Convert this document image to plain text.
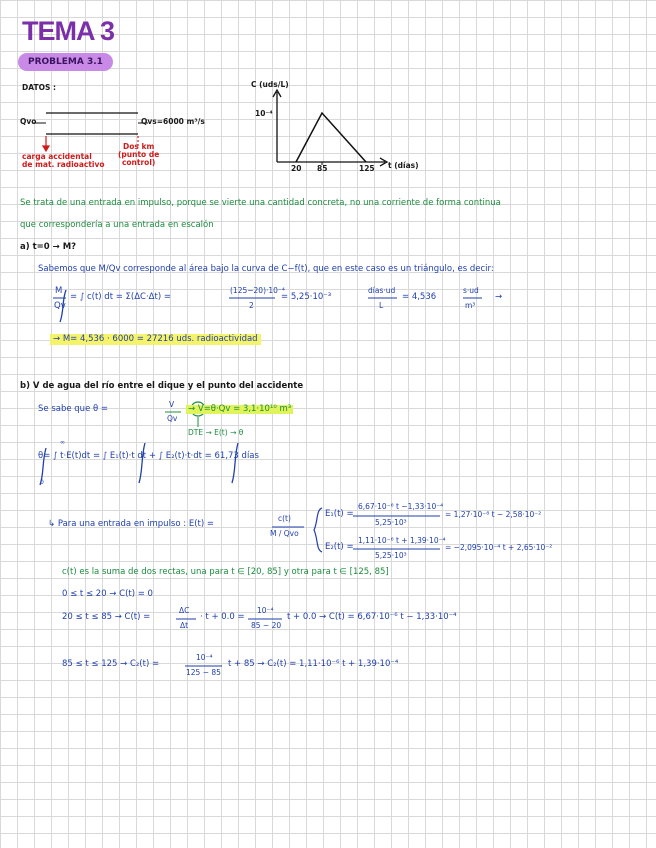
TEMA 3
PROBLEMA 3.1
DATOS :
Qvo	Qvs=6000 m³/s
carga accidental
de mat. radioactivo
Dos km
(punto de
control)
C (uds/L)
10⁻⁴
20 85	125 t (días)
Se trata de una entrada en impulso, porque se vierte una cantidad concreta, no una corriente de forma continua
que correspondería a una entrada en escalón
a) t=0 → M?
Sabemos que M/Qv corresponde al área bajo la curva de C−f(t), que en este caso es un triángulo, es decir:
M
Qv
= ∫ c(t) dt = Σ(ΔC·Δt) =
(125−20)·10⁻⁴
2
= 5,25·10⁻³
días·ud
L
= 4,536
s·ud
m³
→
→ M= 4,536 · 6000 = 27216 uds. radioactividad
b) V de agua del río entre el dique y el punto del accidente
Se sabe que θ =	V
Qv
→ V=θ·Qv = 3,1·10¹⁰ m³
DTE → E(t) → θ
θ= ∫ t·E(t)dt = ∫ E₁(t)·t dt + ∫ E₂(t)·t·dt = 61,73 días
∞
0
↳ Para una entrada en impulso : E(t) =
c(t)
M / Qvo
E₁(t) =
6,67·10⁻⁶ t −1,33·10⁻⁴
5,25·10³
= 1,27·10⁻⁸ t − 2,58·10⁻²
E₂(t) =
1,11·10⁻⁶ t + 1,39·10⁻⁴
5,25·10³
= −2,095·10⁻⁴ t + 2,65·10⁻²
c(t) es la suma de dos rectas, una para t ∈ [20, 85] y otra para t ∈ [125, 85]
0 ≤ t ≤ 20 → C(t) = 0
20 ≤ t ≤ 85 → C(t) =
ΔC
Δt
· t + 0.0 =
10⁻⁴
85 − 20
t + 0.0 → C(t) = 6,67·10⁻⁶ t − 1,33·10⁻⁴
85 ≤ t ≤ 125 → C₂(t) =
10⁻⁴
125 − 85
t + 85 → C₂(t) = 1,11·10⁻⁶ t + 1,39·10⁻⁴
